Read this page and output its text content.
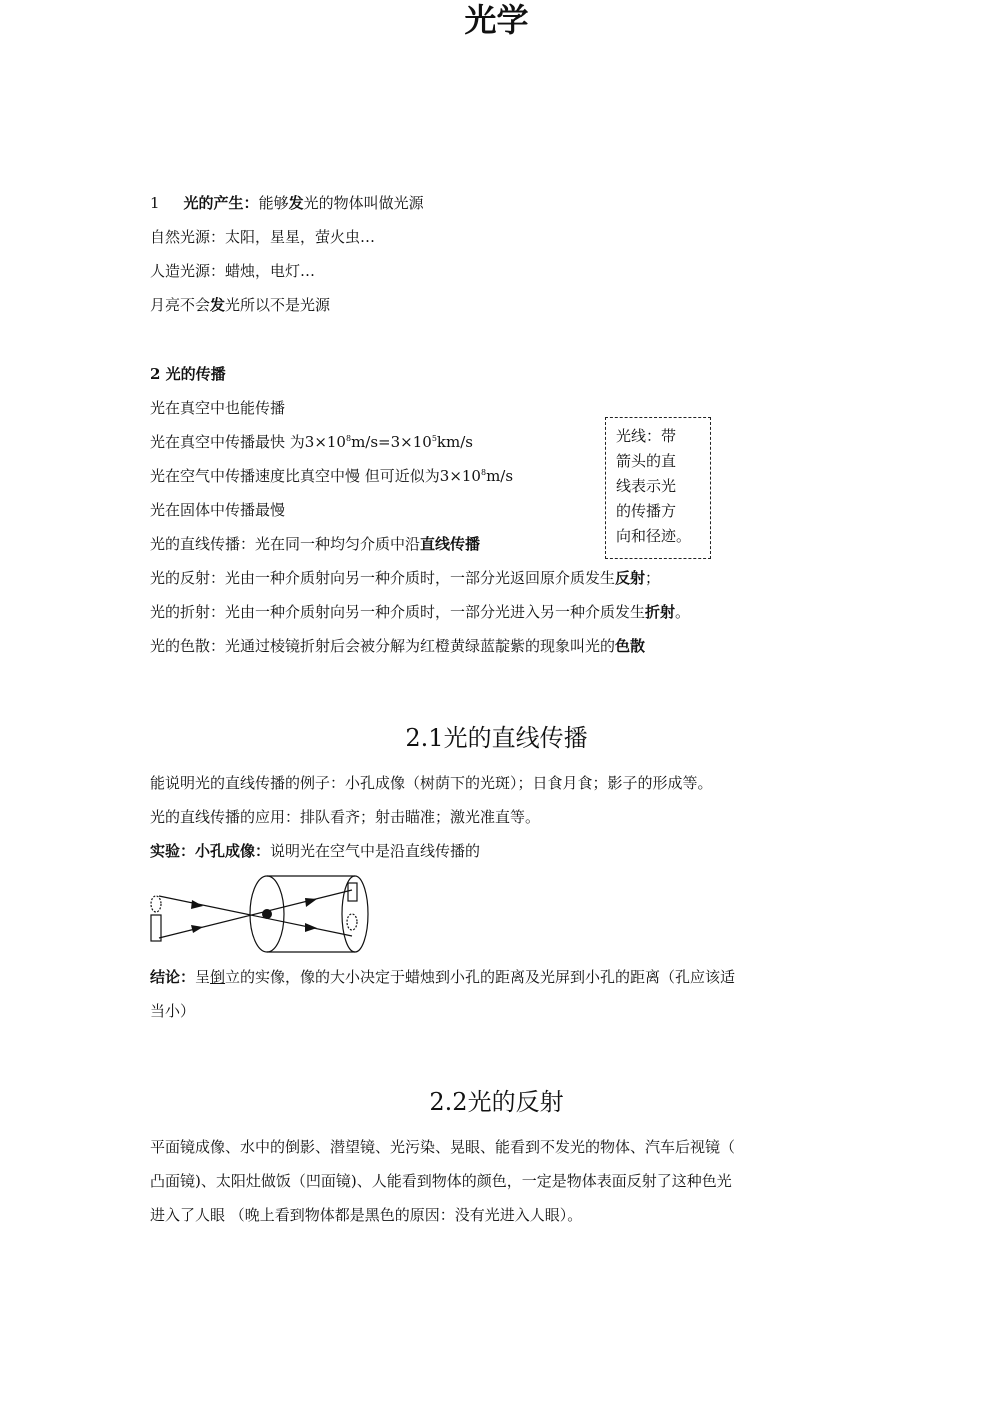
光学
1 光的产生：能够发光的物体叫做光源
自然光源：太阳，星星，萤火虫…
人造光源：蜡烛，电灯…
月亮不会发光所以不是光源
2 光的传播
光在真空中也能传播
光在真空中传播最快 为$3\times 10^8m/s=3\times 10^5km/s$
光在空气中传播速度比真空中慢 但可近似为$3\times 10^8m/s$
光在固体中传播最慢
光的直线传播：光在同一种均匀介质中沿直线传播
光的反射：光由一种介质射向另一种介质时，一部分光返回原介质发生反射；
光的折射：光由一种介质射向另一种介质时，一部分光进入另一种介质发生折射。
光的色散：光通过棱镜折射后会被分解为红橙黄绿蓝靛紫的现象叫光的色散
光线：带
箭头的直
线表示光
的传播方
向和径迹。
2.1光的直线传播
能说明光的直线传播的例子：小孔成像（树荫下的光斑）；日食月食；影子的形成等。
光的直线传播的应用：排队看齐；射击瞄准；激光准直等。
实验：小孔成像：说明光在空气中是沿直线传播的
结论：呈倒立的实像，像的大小决定于蜡烛到小孔的距离及光屏到小孔的距离（孔应该适
当小）
2.2光的反射
平面镜成像、水中的倒影、潜望镜、光污染、晃眼、能看到不发光的物体、汽车后视镜（
凸面镜)、太阳灶做饭（凹面镜)、人能看到物体的颜色，一定是物体表面反射了这种色光
进入了人眼 （晚上看到物体都是黑色的原因：没有光进入人眼）。
